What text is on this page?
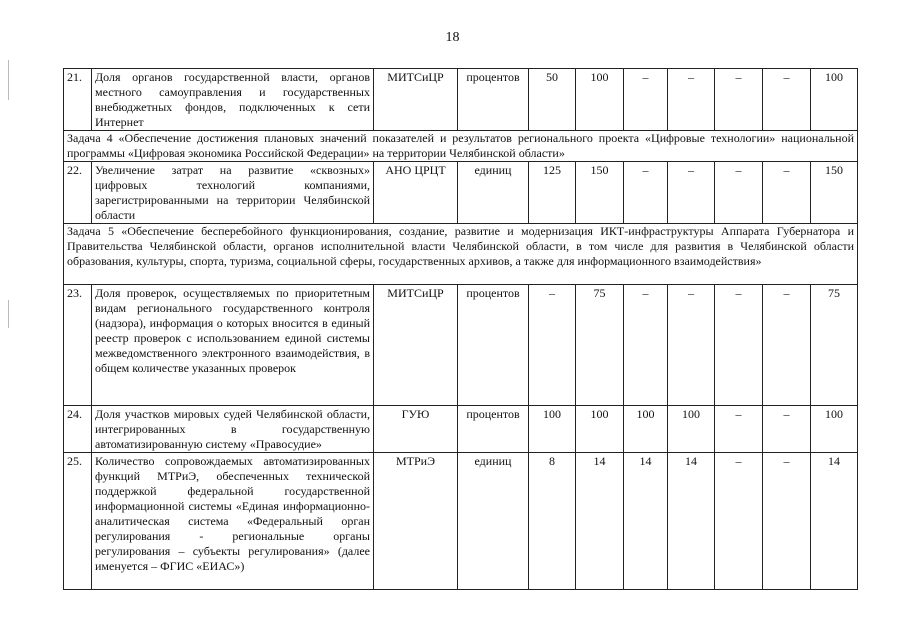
18
21.	Доля органов государственной власти, органов местного самоуправления и государственных внебюджетных фондов, подключенных к сети Интернет	МИТСиЦР	процентов	50	100	–	–	–	–	100
Задача 4 «Обеспечение достижения плановых значений показателей и результатов регионального проекта «Цифровые технологии» национальной программы «Цифровая экономика Российской Федерации» на территории Челябинской области»										
22.	Увеличение затрат на развитие «сквозных» цифровых технологий компаниями, зарегистрированными на территории Челябинской области	АНО ЦРЦТ	единиц	125	150	–	–	–	–	150
Задача 5 «Обеспечение бесперебойного функционирования, создание, развитие и модернизация ИКТ-инфраструктуры Аппарата Губернатора и Правительства Челябинской области, органов исполнительной власти Челябинской области, в том числе для развития в Челябинской области образования, культуры, спорта, туризма, социальной сферы, государственных архивов, а также для информационного взаимодействия»										
23.	Доля проверок, осуществляемых по приоритетным видам регионального государственного контроля (надзора), информация о которых вносится в единый реестр проверок с использованием единой системы межведомственного электронного взаимодействия, в общем количестве указанных проверок	МИТСиЦР	процентов	–	75	–	–	–	–	75
24.	Доля участков мировых судей Челябинской области, интегрированных в государственную автоматизированную систему «Правосудие»	ГУЮ	процентов	100	100	100	100	–	–	100
25.	Количество сопровождаемых автоматизированных функций МТРиЭ, обеспеченных технической поддержкой федеральной государственной информационной системы «Единая информационно-аналитическая система «Федеральный орган регулирования - региональные органы регулирования – субъекты регулирования» (далее именуется – ФГИС «ЕИАС»)	МТРиЭ	единиц	8	14	14	14	–	–	14
